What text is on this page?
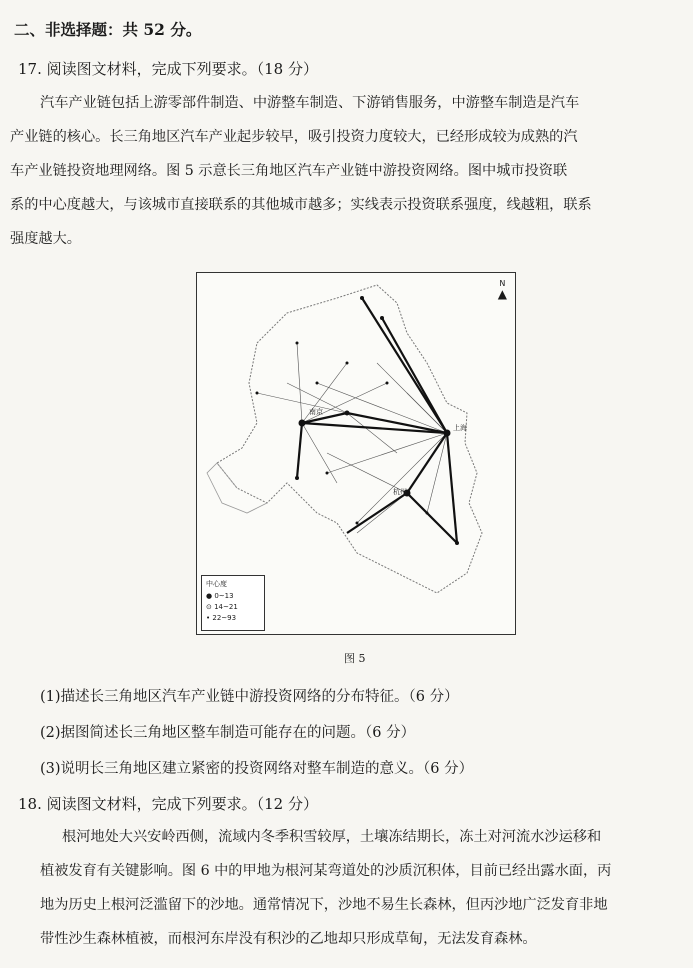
二、非选择题：共 52 分。
17. 阅读图文材料，完成下列要求。（18 分）

汽车产业链包括上游零部件制造、中游整车制造、下游销售服务，中游整车制造是汽车

产业链的核心。长三角地区汽车产业起步较早，吸引投资力度较大，已经形成较为成熟的汽

车产业链投资地理网络。图 5 示意长三角地区汽车产业链中游投资网络。图中城市投资联

系的中心度越大，与该城市直接联系的其他城市越多；实线表示投资联系强度，线越粗，联系

强度越大。

南京
上海
杭州
N
▲
中心度
● 0~13
⊙ 14~21
• 22~93
图 5
(1)描述长三角地区汽车产业链中游投资网络的分布特征。（6 分）
(2)据图简述长三角地区整车制造可能存在的问题。（6 分）
(3)说明长三角地区建立紧密的投资网络对整车制造的意义。（6 分）
18. 阅读图文材料，完成下列要求。（12 分）

根河地处大兴安岭西侧，流域内冬季积雪较厚，土壤冻结期长，冻土对河流水沙运移和

植被发育有关键影响。图 6 中的甲地为根河某弯道处的沙质沉积体，目前已经出露水面，丙

地为历史上根河泛滥留下的沙地。通常情况下，沙地不易生长森林，但丙沙地广泛发育非地

带性沙生森林植被，而根河东岸没有积沙的乙地却只形成草甸，无法发育森林。
